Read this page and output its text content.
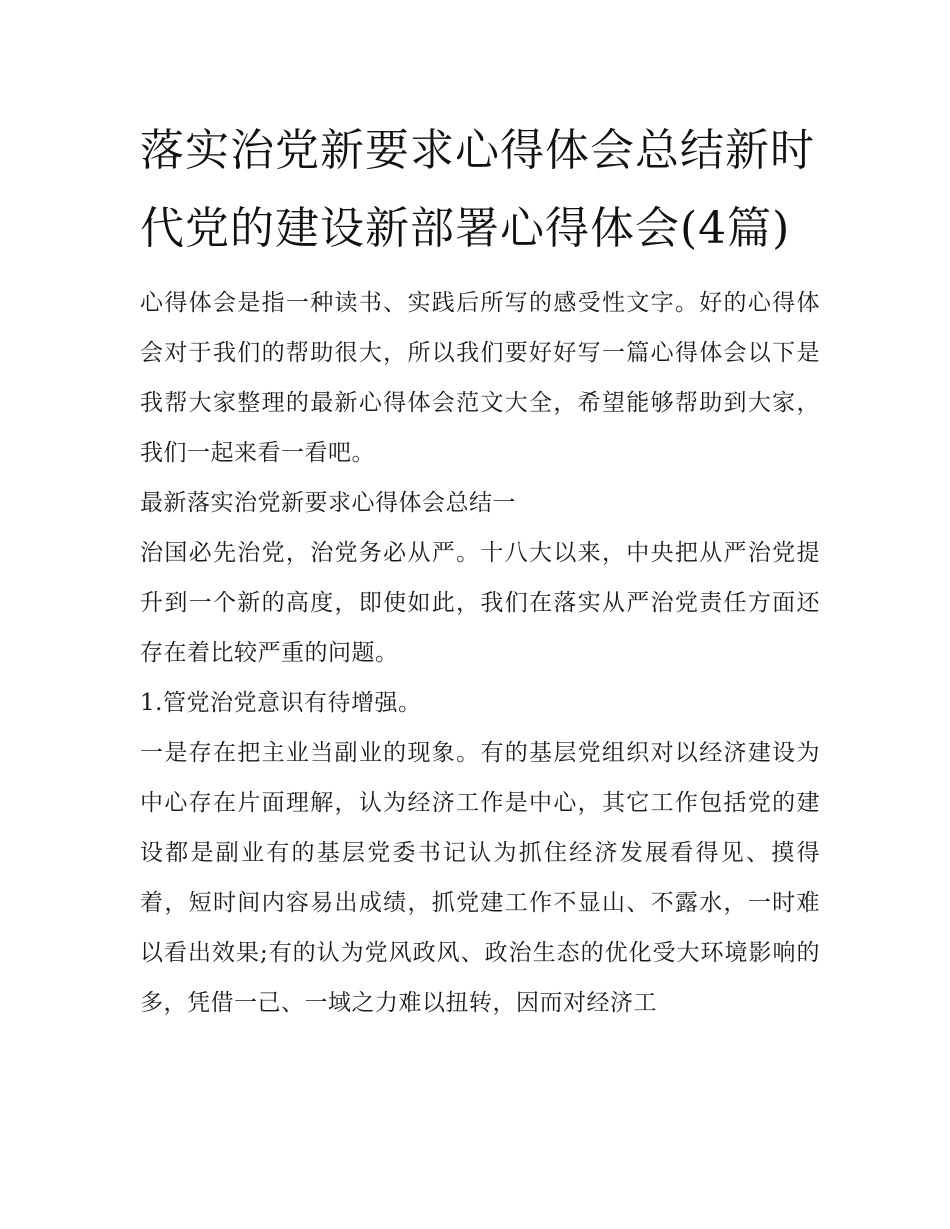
落实治党新要求心得体会总结新时代党的建设新部署心得体会(4篇)

心得体会是指一种读书、实践后所写的感受性文字。好的心得体会对于我们的帮助很大，所以我们要好好写一篇心得体会以下是我帮大家整理的最新心得体会范文大全，希望能够帮助到大家，我们一起来看一看吧。

最新落实治党新要求心得体会总结一

治国必先治党，治党务必从严。十八大以来，中央把从严治党提升到一个新的高度，即使如此，我们在落实从严治党责任方面还存在着比较严重的问题。

1.管党治党意识有待增强。

一是存在把主业当副业的现象。有的基层党组织对以经济建设为中心存在片面理解，认为经济工作是中心，其它工作包括党的建设都是副业有的基层党委书记认为抓住经济发展看得见、摸得着，短时间内容易出成绩，抓党建工作不显山、不露水，一时难以看出效果;有的认为党风政风、政治生态的优化受大环境影响的多，凭借一己、一域之力难以扭转，因而对经济工
